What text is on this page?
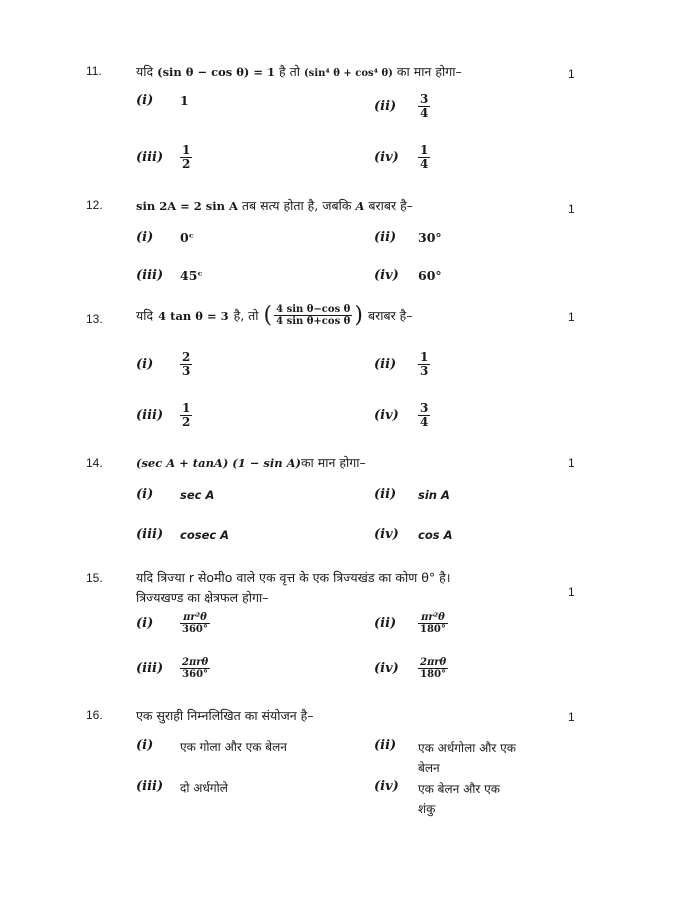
11.	यदि (sin θ − cos θ) = 1 है तो (sin⁴ θ + cos⁴ θ) का मान होगा–	1
(i)	1	(ii)	$\frac{3}{4}$
(iii)	$\frac{1}{2}$	(iv)	$\frac{1}{4}$
12.	sin 2A = 2 sin A तब सत्य होता है, जबकि A बराबर है–	1
(i)	0ᶜ	(ii)	30°
(iii)	45ᶜ	(iv)	60°
13.	यदि 4 tan θ = 3 है, तो ( $\frac{\text{4 sin θ−cos θ}}{\text{4 sin θ+cos θ}}$ ) बराबर है–	1
(i)	$\frac{2}{3}$	(ii)	$\frac{1}{3}$
(iii)	$\frac{1}{2}$	(iv)	$\frac{3}{4}$
14.	(sec A + tanA) (1 − sin A)का मान होगा–	1
(i)	sec A	(ii)	sin A
(iii)	cosec A	(iv)	cos A
15.	यदि त्रिज्या r सेoमीo वाले एक वृत्त के एक त्रिज्यखंड का कोण θ° है।
त्रिज्यखण्ड का क्षेत्रफल होगा–	1
(i)	$\frac{\text{πr²θ}}{360^\circ}$	(ii)	$\frac{\text{πr²θ}}{180^\circ}$
(iii)	$\frac{\text{2πrθ}}{360^\circ}$	(iv)	$\frac{\text{2πrθ}}{180^\circ}$
16.	एक सुराही निम्नलिखित का संयोजन है–	1
(i)	एक गोला और एक बेलन	(ii)	एक अर्धगोला और एक
बेलन
(iii)	दो अर्धगोले	(iv)	एक बेलन और एक
शंकु
